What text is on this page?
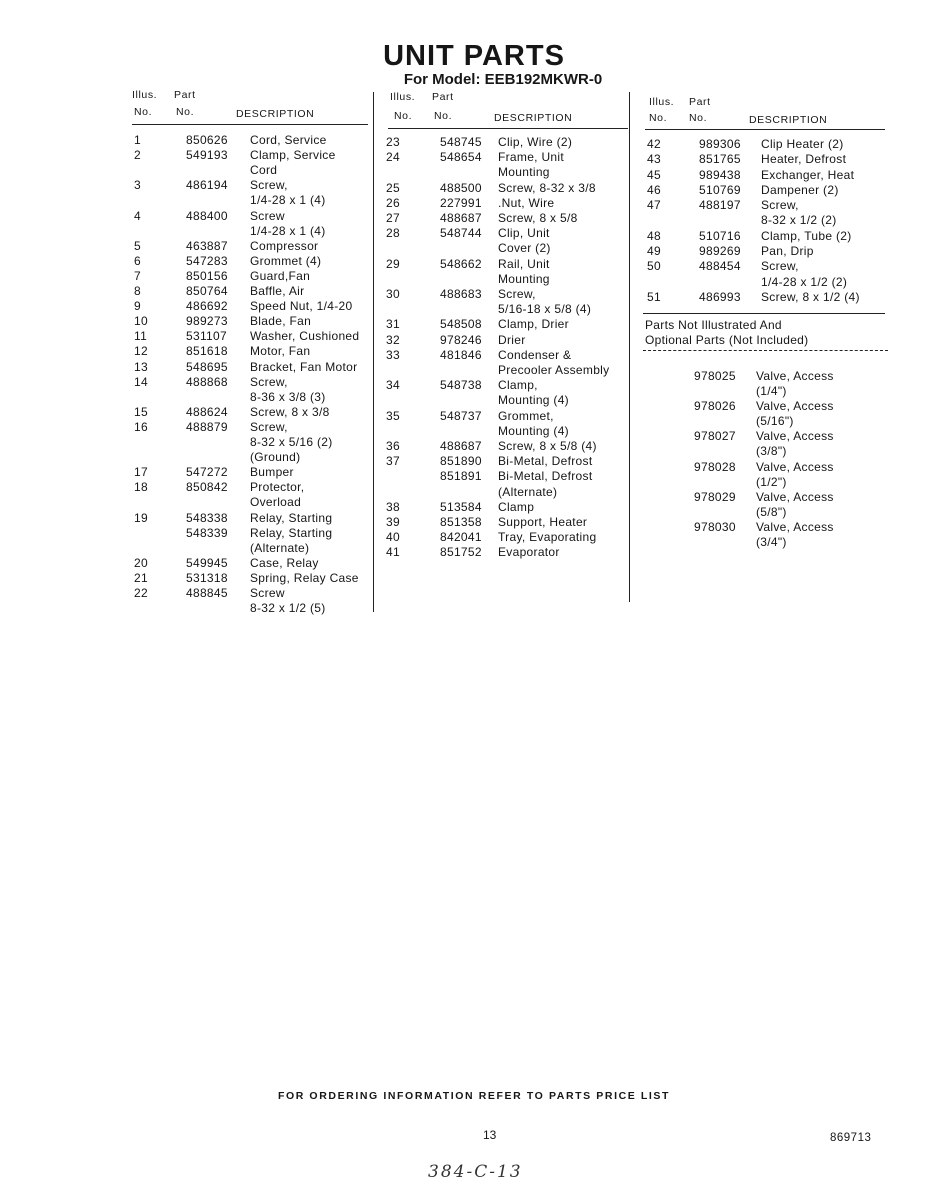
UNIT PARTS
For Model: EEB192MKWR-0
Illus. Part
No. No.	DESCRIPTION
1	850626 Cord, Service
2	549193 Clamp, Service
Cord
3	486194 Screw,
1/4-28 x 1 (4)
4	488400 Screw
1/4-28 x 1 (4)
5	463887 Compressor
6	547283 Grommet (4)
7	850156 Guard,Fan
8	850764 Baffle, Air
9	486692 Speed Nut, 1/4-20
10	989273 Blade, Fan
11	531107 Washer, Cushioned
12	851618 Motor, Fan
13	548695 Bracket, Fan Motor
14	488868 Screw,
8-36 x 3/8 (3)
15	488624 Screw, 8 x 3/8
16	488879 Screw,
8-32 x 5/16 (2)
(Ground)
17	547272 Bumper
18	850842 Protector,
Overload
19	548338 Relay, Starting
548339 Relay, Starting
(Alternate)
20	549945 Case, Relay
21	531318 Spring, Relay Case
22	488845 Screw
8-32 x 1/2 (5)
Illus. Part
No. No.	DESCRIPTION
23	548745 Clip, Wire (2)
24	548654 Frame, Unit
Mounting
25	488500 Screw, 8-32 x 3/8
26	227991 .Nut, Wire
27	488687 Screw, 8 x 5/8
28	548744 Clip, Unit
Cover (2)
29	548662 Rail, Unit
Mounting
30	488683 Screw,
5/16-18 x 5/8 (4)
31	548508 Clamp, Drier
32	978246 Drier
33	481846 Condenser &
Precooler Assembly
34	548738 Clamp,
Mounting (4)
35	548737 Grommet,
Mounting (4)
36	488687 Screw, 8 x 5/8 (4)
37	851890 Bi-Metal, Defrost
851891 Bi-Metal, Defrost
(Alternate)
38	513584 Clamp
39	851358 Support, Heater
40	842041 Tray, Evaporating
41	851752 Evaporator
Illus. Part
No. No.	DESCRIPTION
42	989306 Clip Heater (2)
43	851765 Heater, Defrost
45	989438 Exchanger, Heat
46	510769 Dampener (2)
47	488197 Screw,
8-32 x 1/2 (2)
48	510716 Clamp, Tube (2)
49	989269 Pan, Drip
50	488454 Screw,
1/4-28 x 1/2 (2)
51	486993 Screw, 8 x 1/2 (4)
Parts Not Illustrated And
Optional Parts (Not Included)
978025 Valve, Access
(1/4")
978026 Valve, Access
(5/16")
978027 Valve, Access
(3/8")
978028 Valve, Access
(1/2")
978029 Valve, Access
(5/8")
978030 Valve, Access
(3/4")
FOR ORDERING INFORMATION REFER TO PARTS PRICE LIST
13	869713
384-C-13
